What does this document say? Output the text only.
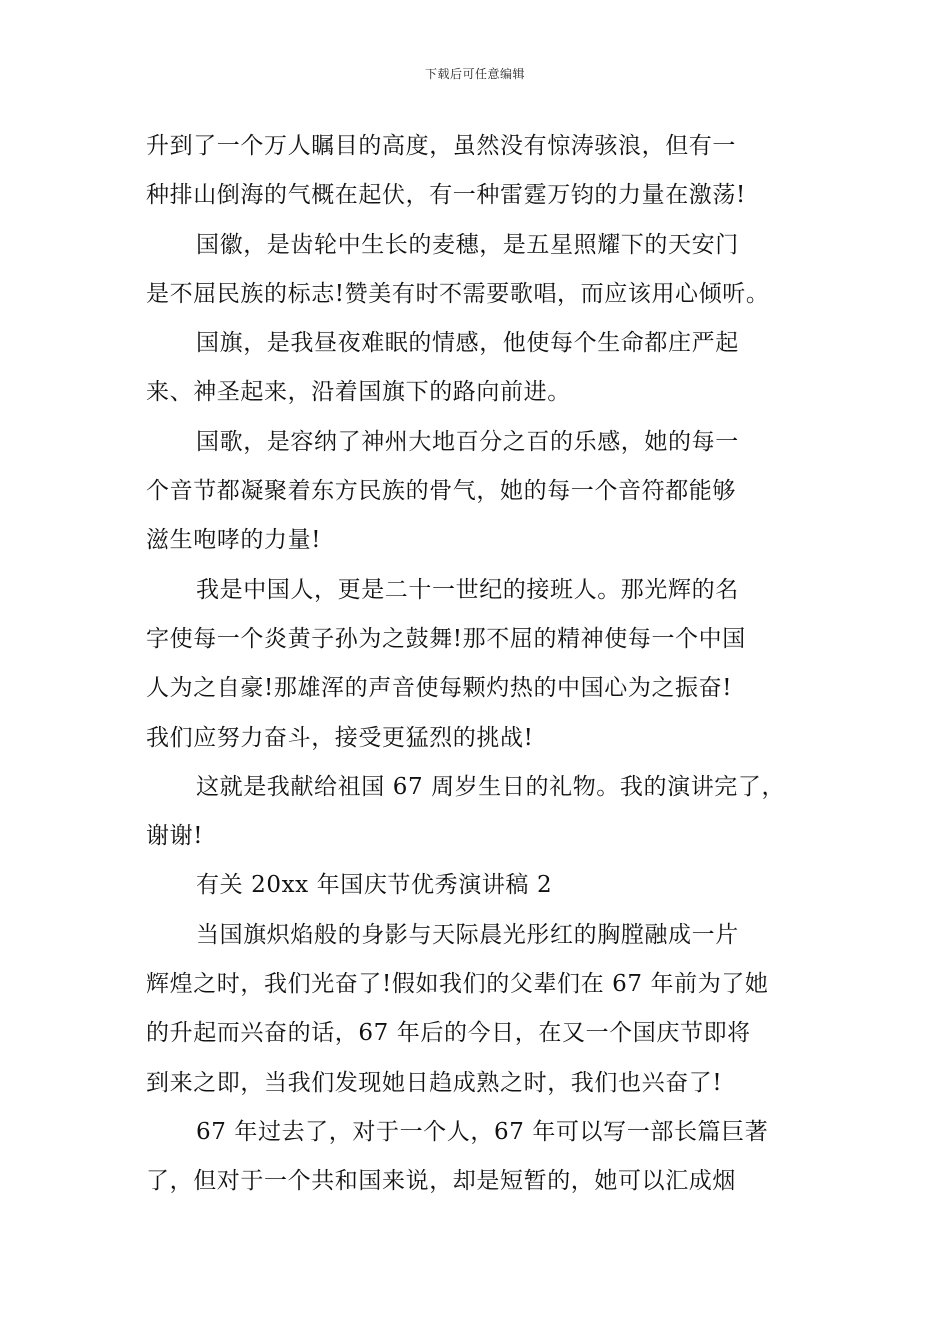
下载后可任意编辑
升到了一个万人瞩目的高度，虽然没有惊涛骇浪，但有一
种排山倒海的气概在起伏，有一种雷霆万钧的力量在激荡!
国徽，是齿轮中生长的麦穗，是五星照耀下的天安门
是不屈民族的标志!赞美有时不需要歌唱，而应该用心倾听。
国旗，是我昼夜难眠的情感，他使每个生命都庄严起
来、神圣起来，沿着国旗下的路向前进。
国歌，是容纳了神州大地百分之百的乐感，她的每一
个音节都凝聚着东方民族的骨气，她的每一个音符都能够
滋生咆哮的力量!
我是中国人，更是二十一世纪的接班人。那光辉的名
字使每一个炎黄子孙为之鼓舞!那不屈的精神使每一个中国
人为之自豪!那雄浑的声音使每颗灼热的中国心为之振奋!
我们应努力奋斗，接受更猛烈的挑战!
这就是我献给祖国 67 周岁生日的礼物。我的演讲完了，
谢谢!
有关 20xx 年国庆节优秀演讲稿 2
当国旗炽焰般的身影与天际晨光彤红的胸膛融成一片
辉煌之时，我们光奋了!假如我们的父辈们在 67 年前为了她
的升起而兴奋的话，67 年后的今日，在又一个国庆节即将
到来之即，当我们发现她日趋成熟之时，我们也兴奋了!
67 年过去了，对于一个人，67 年可以写一部长篇巨著
了，但对于一个共和国来说，却是短暂的，她可以汇成烟
